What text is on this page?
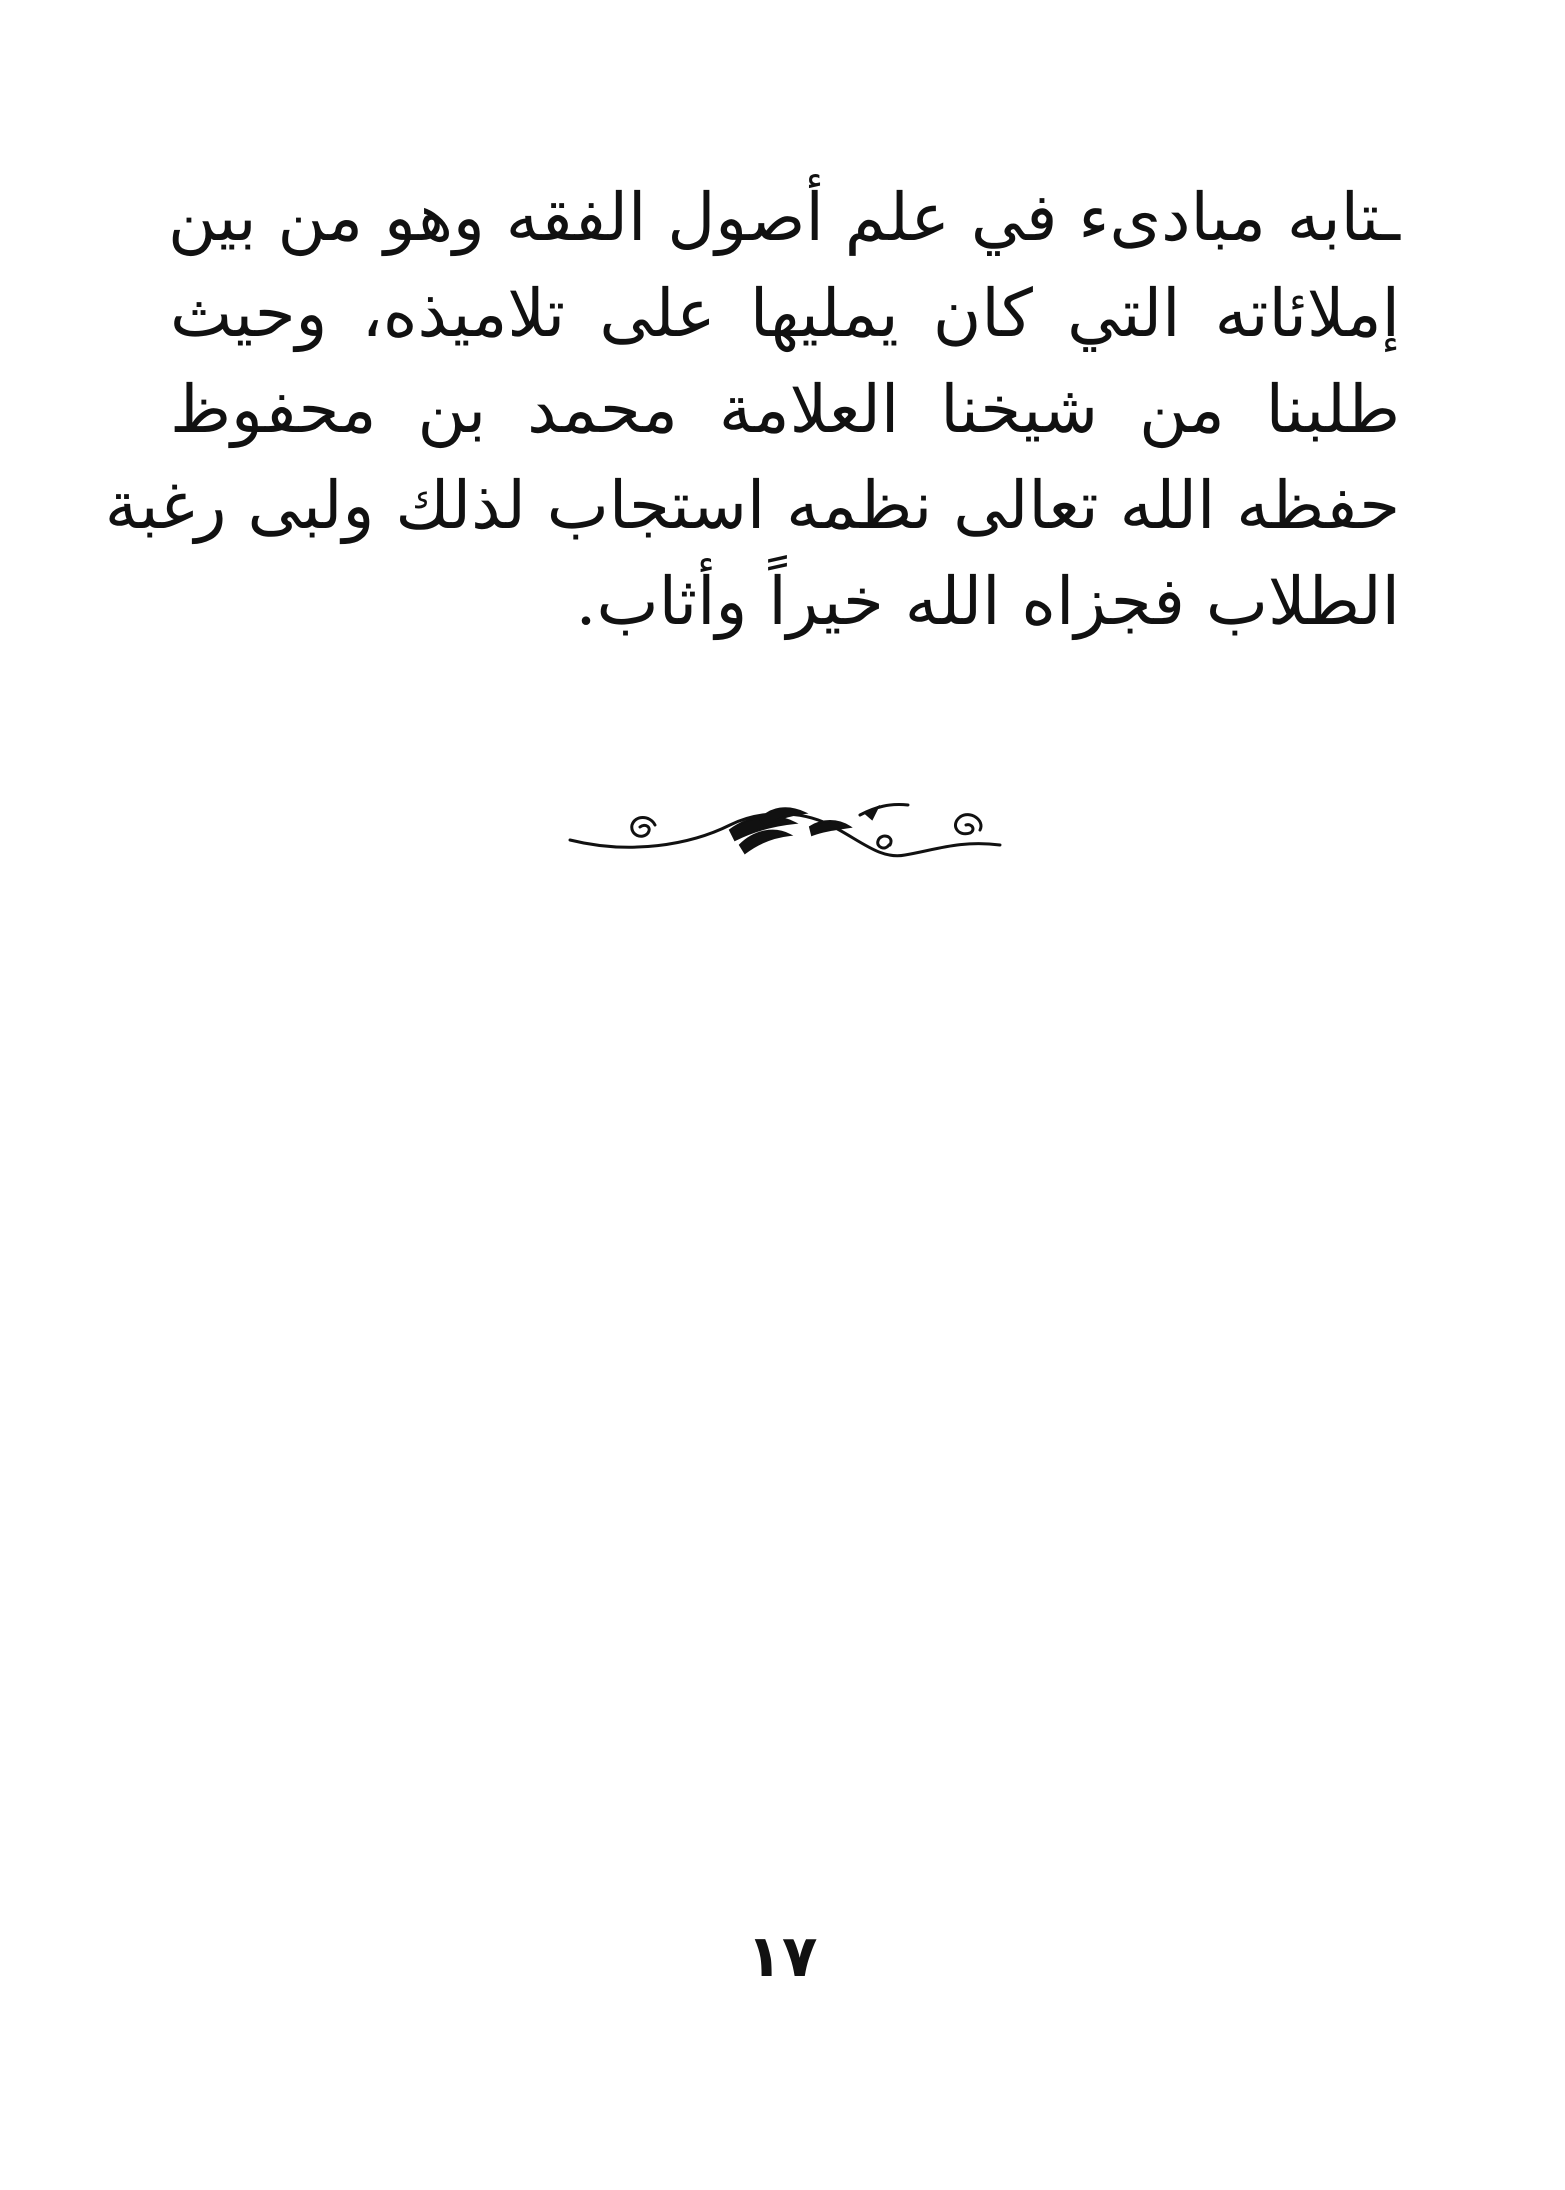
ـتابه مبادىء في علم أصول الفقه وهو من بين
إملائاته التي كان يمليها على تلاميذه، وحيث
طلبنا من شيخنا العلامة محمد بن محفوظ
حفظه الله تعالى نظمه استجاب لذلك ولبى رغبة
الطلاب فجزاه الله خيراً وأثاب.
١٧
